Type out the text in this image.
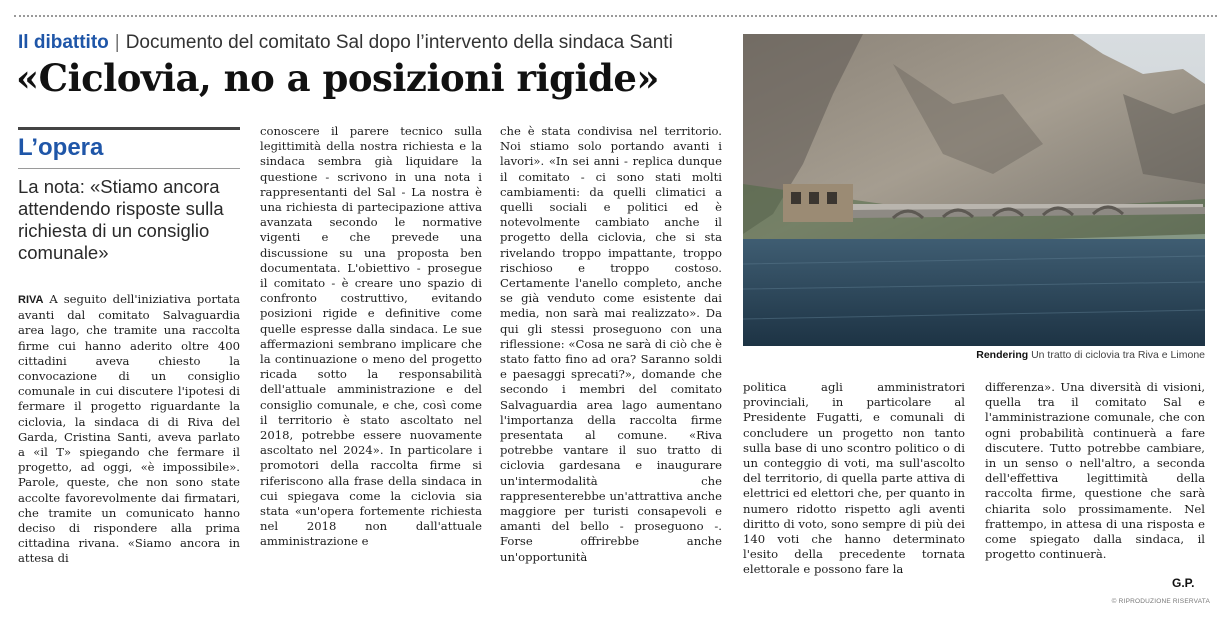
Il dibattito | Documento del comitato Sal dopo l’intervento della sindaca Santi
«Ciclovia, no a posizioni rigide»
L’opera
La nota: «Stiamo ancora attendendo risposte sulla richiesta di un consiglio comunale»

RIVA A seguito dell'iniziativa portata avanti dal comitato Salvaguardia area lago, che tramite una raccolta firme cui hanno aderito oltre 400 cittadini aveva chiesto la convocazione di un consiglio comunale in cui discutere l'ipotesi di fermare il progetto riguardante la ciclovia, la sindaca di di Riva del Garda, Cristina Santi, aveva parlato a «il T» spiegando che fermare il progetto, ad oggi, «è impossibile». Parole, queste, che non sono state accolte favorevolmente dai firmatari, che tramite un comunicato hanno deciso di rispondere alla prima cittadina rivana. «Siamo ancora in attesa di

conoscere il parere tecnico sulla legittimità della nostra richiesta e la sindaca sembra già liquidare la questione - scrivono in una nota i rappresentanti del Sal - La nostra è una richiesta di partecipazione attiva avanzata secondo le normative vigenti e che prevede una discussione su una proposta ben documentata. L'obiettivo - prosegue il comitato - è creare uno spazio di confronto costruttivo, evitando posizioni rigide e definitive come quelle espresse dalla sindaca. Le sue affermazioni sembrano implicare che la continuazione o meno del progetto ricada sotto la responsabilità dell'attuale amministrazione e del consiglio comunale, e che, così come il territorio è stato ascoltato nel 2018, potrebbe essere nuovamente ascoltato nel 2024». In particolare i promotori della raccolta firme si riferiscono alla frase della sindaca in cui spiegava come la ciclovia sia stata «un'opera fortemente richiesta nel 2018 non dall'attuale amministrazione e

che è stata condivisa nel territorio. Noi stiamo solo portando avanti i lavori». «In sei anni - replica dunque il comitato - ci sono stati molti cambiamenti: da quelli climatici a quelli sociali e politici ed è notevolmente cambiato anche il progetto della ciclovia, che si sta rivelando troppo impattante, troppo rischioso e troppo costoso. Certamente l'anello completo, anche se già venduto come esistente dai media, non sarà mai realizzato». Da qui gli stessi proseguono con una riflessione: «Cosa ne sarà di ciò che è stato fatto fino ad ora? Saranno soldi e paesaggi sprecati?», domande che secondo i membri del comitato Salvaguardia area lago aumentano l'importanza della raccolta firme presentata al comune. «Riva potrebbe vantare il suo tratto di ciclovia gardesana e inaugurare un'intermodalità che rappresenterebbe un'attrattiva anche maggiore per turisti consapevoli e amanti del bello - proseguono -. Forse offrirebbe anche un'opportunità

Rendering Un tratto di ciclovia tra Riva e Limone

politica agli amministratori provinciali, in particolare al Presidente Fugatti, e comunali di concludere un progetto non tanto sulla base di uno scontro politico o di un conteggio di voti, ma sull'ascolto del territorio, di quella parte attiva di elettrici ed elettori che, per quanto in numero ridotto rispetto agli aventi diritto di voto, sono sempre di più dei 140 voti che hanno determinato l'esito della precedente tornata elettorale e possono fare la

differenza». Una diversità di visioni, quella tra il comitato Sal e l'amministrazione comunale, che con ogni probabilità continuerà a fare discutere. Tutto potrebbe cambiare, in un senso o nell'altro, a seconda dell'effettiva legittimità della raccolta firme, questione che sarà chiarita solo prossimamente. Nel frattempo, in attesa di una risposta e come spiegato dalla sindaca, il progetto continuerà.

G.P.
© RIPRODUZIONE RISERVATA
